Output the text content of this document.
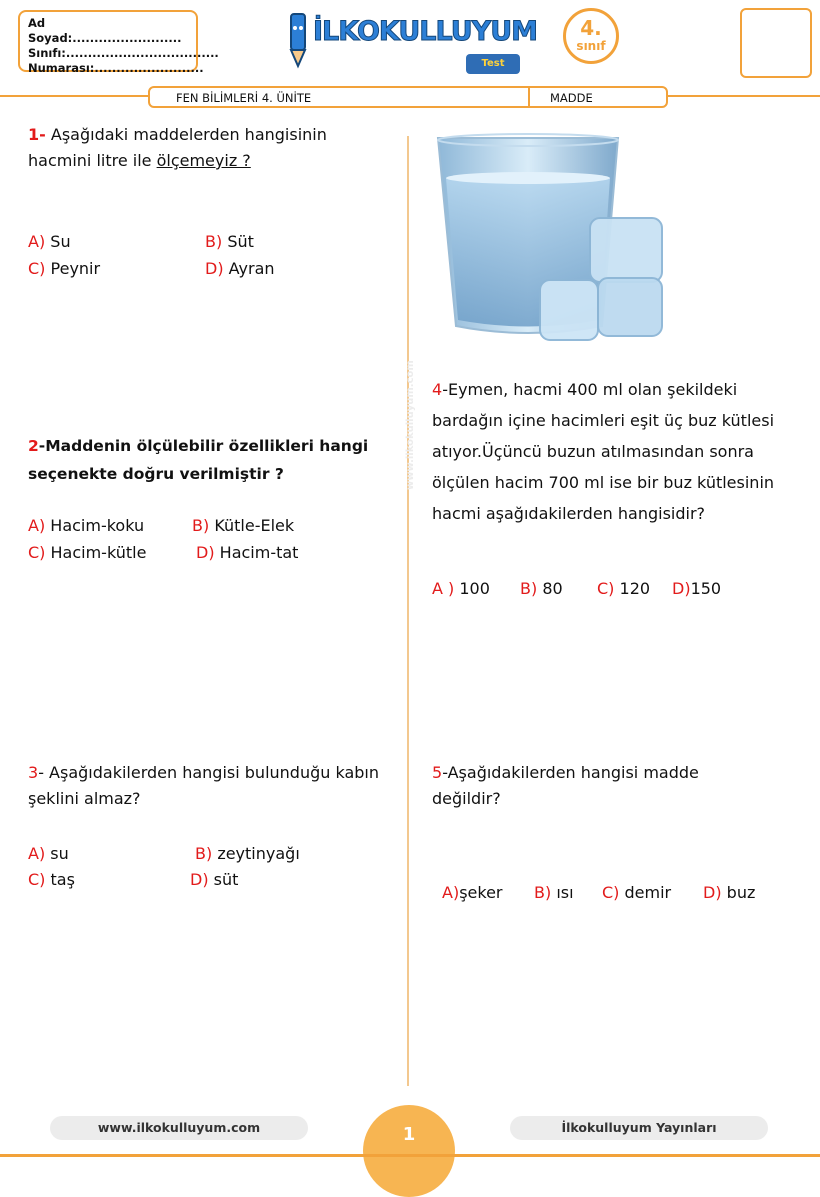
Ad Soyad:.........................
Sınıfı:...................................
Numarası:.........................
İLKOKULLUYUM
Test
4.
sınıf
FEN BİLİMLERİ 4. ÜNİTE	MADDE
www.ilkokulluyum.com
1- Aşağıdaki maddelerden hangisinin hacmini litre ile ölçemeyiz ?
A) Su	B) Süt
C) Peynir	D) Ayran
2-Maddenin ölçülebilir özellikleri hangi seçenekte doğru verilmiştir ?
A) Hacim-koku	B) Kütle-Elek
C) Hacim-kütle	D) Hacim-tat
3- Aşağıdakilerden hangisi bulunduğu kabın şeklini almaz?
A) su	B) zeytinyağı
C) taş	D) süt
4-Eymen, hacmi 400 ml olan şekildeki bardağın içine hacimleri eşit üç buz kütlesi atıyor.Üçüncü buzun atılmasından sonra ölçülen hacim 700 ml ise bir buz kütlesinin hacmi aşağıdakilerden hangisidir?
A ) 100 B) 80 C) 120 D)150
5-Aşağıdakilerden hangisi madde değildir?
A)şeker B) ısı C) demir D) buz
1
www.ilkokulluyum.com	İlkokulluyum Yayınları
